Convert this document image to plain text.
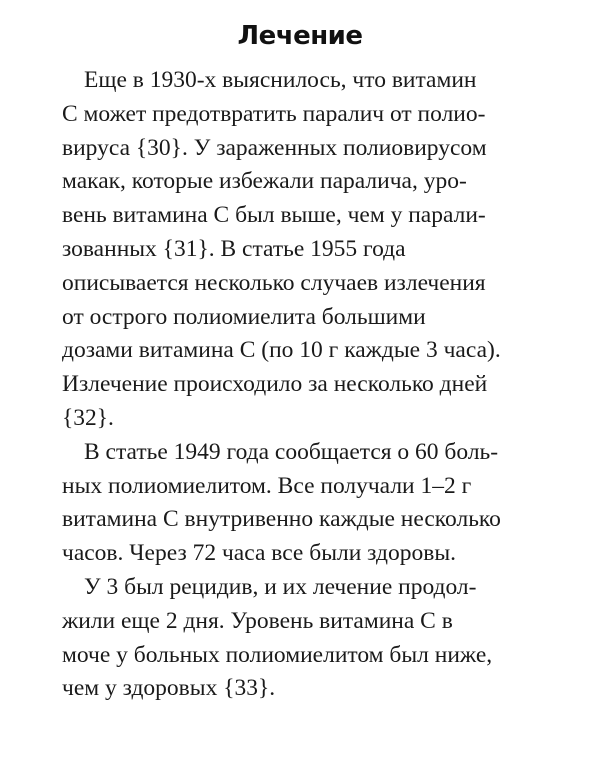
Лечение
Еще в 1930-х выяснилось, что витамин
С может предотвратить паралич от полио-
вируса {30}. У зараженных полиовирусом
макак, которые избежали паралича, уро-
вень витамина С был выше, чем у парали-
зованных {31}. В статье 1955 года
описывается несколько случаев излечения
от острого полиомиелита большими
дозами витамина С (по 10 г каждые 3 часа).
Излечение происходило за несколько дней
{32}.
В статье 1949 года сообщается о 60 боль-
ных полиомиелитом. Все получали 1–2 г
витамина С внутривенно каждые несколько
часов. Через 72 часа все были здоровы.
У 3 был рецидив, и их лечение продол-
жили еще 2 дня. Уровень витамина С в
моче у больных полиомиелитом был ниже,
чем у здоровых {33}.
